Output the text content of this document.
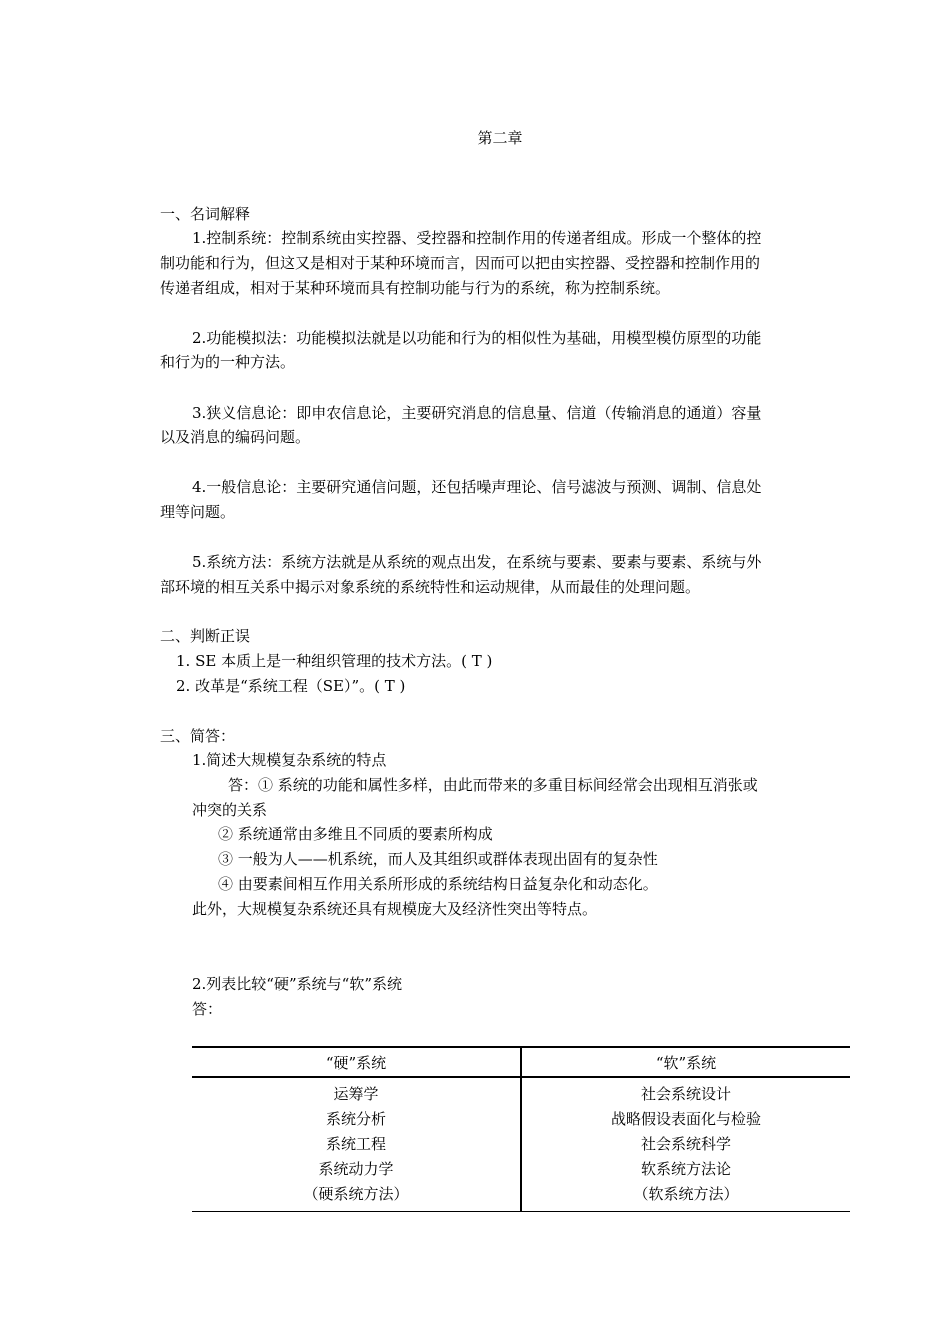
第二章
一、名词解释
1.控制系统：控制系统由实控器、受控器和控制作用的传递者组成。形成一个整体的控
制功能和行为，但这又是相对于某种环境而言，因而可以把由实控器、受控器和控制作用的
传递者组成，相对于某种环境而具有控制功能与行为的系统，称为控制系统。
2.功能模拟法：功能模拟法就是以功能和行为的相似性为基础，用模型模仿原型的功能
和行为的一种方法。
3.狭义信息论：即申农信息论，主要研究消息的信息量、信道（传输消息的通道）容量
以及消息的编码问题。
4.一般信息论：主要研究通信问题，还包括噪声理论、信号滤波与预测、调制、信息处
理等问题。
5.系统方法：系统方法就是从系统的观点出发，在系统与要素、要素与要素、系统与外
部环境的相互关系中揭示对象系统的系统特性和运动规律，从而最佳的处理问题。
二、判断正误
1. SE 本质上是一种组织管理的技术方法。( T )
2. 改革是“系统工程（SE）”。( T )
三、简答：
1.简述大规模复杂系统的特点
答：① 系统的功能和属性多样，由此而带来的多重目标间经常会出现相互消张或
冲突的关系
② 系统通常由多维且不同质的要素所构成
③ 一般为人——机系统，而人及其组织或群体表现出固有的复杂性
④ 由要素间相互作用关系所形成的系统结构日益复杂化和动态化。
此外，大规模复杂系统还具有规模庞大及经济性突出等特点。
2.列表比较“硬”系统与“软”系统
答：
“硬”系统	“软”系统
运筹学	社会系统设计
系统分析	战略假设表面化与检验
系统工程	社会系统科学
系统动力学	软系统方法论
（硬系统方法）	（软系统方法）
